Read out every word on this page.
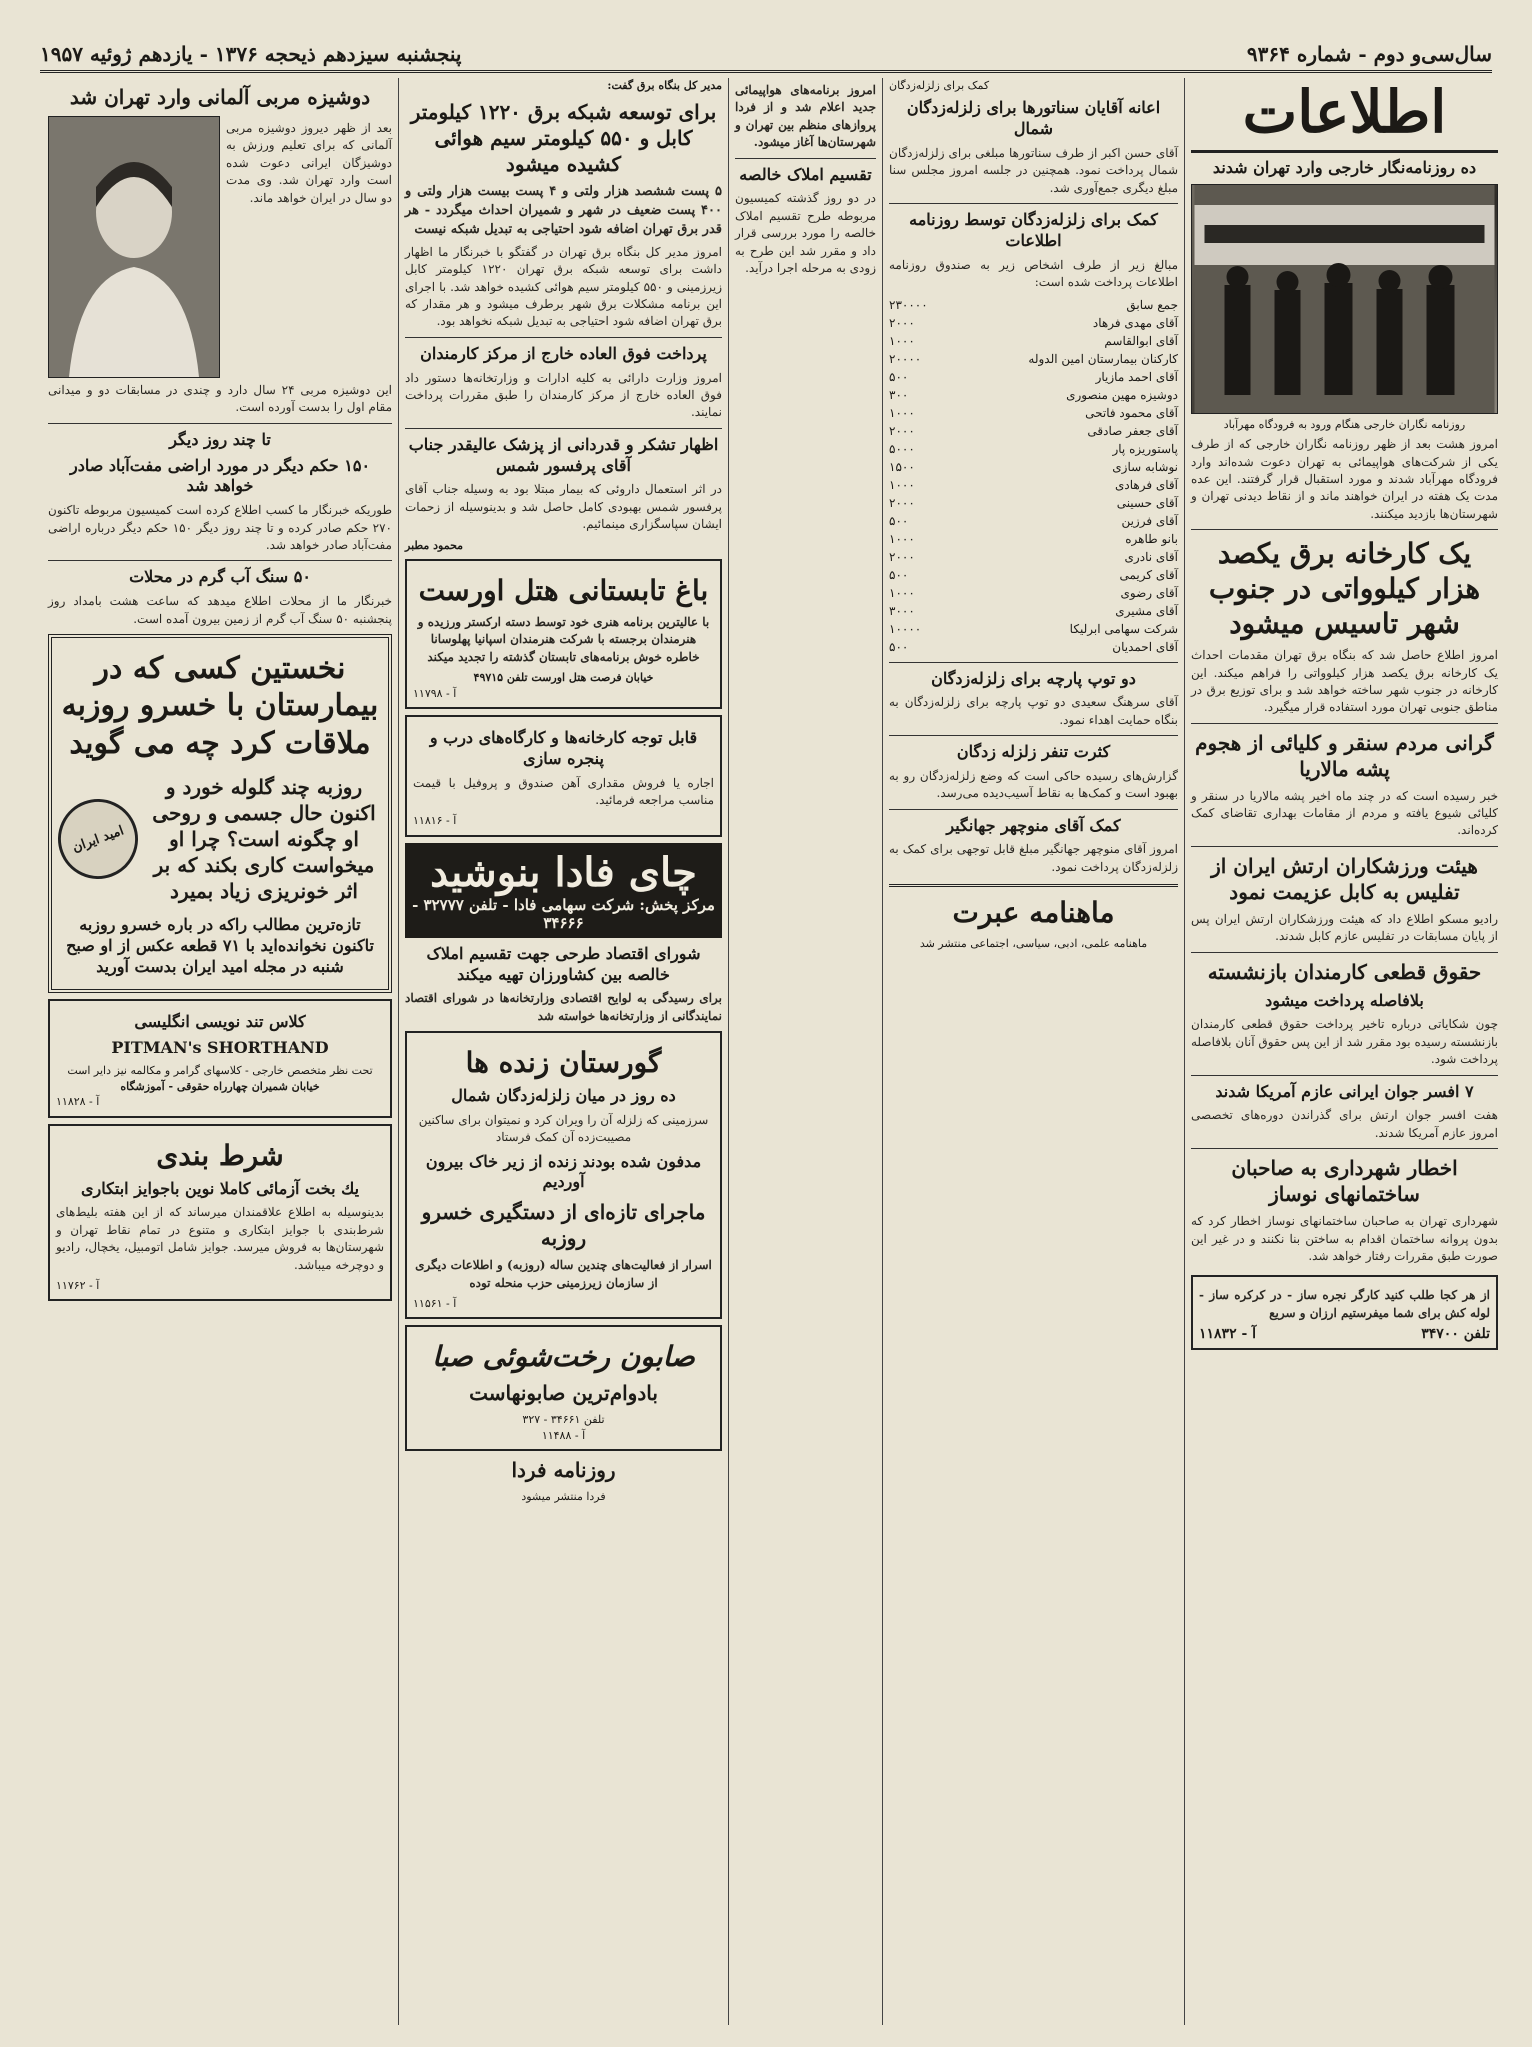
سال‌سی‌و دوم - شماره ۹۳۶۴
پنجشنبه سیزدهم ذیحجه ۱۳۷۶ - یازدهم ژوئیه ۱۹۵۷
اطلاعات
ده روزنامه‌نگار خارجی وارد تهران شدند
روزنامه نگاران خارجی هنگام ورود به فرودگاه مهرآباد
امروز هشت بعد از ظهر روزنامه نگاران خارجی که از طرف یکی از شرکت‌های هواپیمائی به تهران دعوت شده‌اند وارد فرودگاه مهرآباد شدند و مورد استقبال قرار گرفتند. این عده مدت یک هفته در ایران خواهند ماند و از نقاط دیدنی تهران و شهرستان‌ها بازدید میکنند.
یک کارخانه برق یکصد هزار کیلوواتی در جنوب شهر تاسیس میشود
امروز اطلاع حاصل شد که بنگاه برق تهران مقدمات احداث یک کارخانه برق یکصد هزار کیلوواتی را فراهم میکند. این کارخانه در جنوب شهر ساخته خواهد شد و برای توزیع برق در مناطق جنوبی تهران مورد استفاده قرار میگیرد.
گرانی مردم سنقر و کلیائی از هجوم پشه مالاریا
خبر رسیده است که در چند ماه اخیر پشه مالاریا در سنقر و کلیائی شیوع یافته و مردم از مقامات بهداری تقاضای کمک کرده‌اند.
هیئت ورزشکاران ارتش ایران از تفلیس به کابل عزیمت نمود
رادیو مسکو اطلاع داد که هیئت ورزشکاران ارتش ایران پس از پایان مسابقات در تفلیس عازم کابل شدند.
حقوق قطعی کارمندان بازنشسته
بلافاصله پرداخت میشود
چون شکایاتی درباره تاخیر پرداخت حقوق قطعی کارمندان بازنشسته رسیده بود مقرر شد از این پس حقوق آنان بلافاصله پرداخت شود.
۷ افسر جوان ایرانی عازم آمریکا شدند
هفت افسر جوان ارتش برای گذراندن دوره‌های تخصصی امروز عازم آمریکا شدند.
اخطار شهرداری به صاحبان ساختمانهای نوساز
شهرداری تهران به صاحبان ساختمانهای نوساز اخطار کرد که بدون پروانه ساختمان اقدام به ساختن بنا نکنند و در غیر این صورت طبق مقررات رفتار خواهد شد.
از هر کجا طلب کنید کارگر نجره ساز - در کرکره ساز - لوله کش برای شما میفرستیم ارزان و سریع
تلفن ۳۴۷۰۰
آ - ۱۱۸۳۲
کمک برای زلزله‌زدگان
اعانه آقایان سناتورها برای زلزله‌زدگان شمال
آقای حسن اکبر از طرف سناتورها مبلغی برای زلزله‌زدگان شمال پرداخت نمود. همچنین در جلسه امروز مجلس سنا مبلغ دیگری جمع‌آوری شد.
کمک برای زلزله‌زدگان توسط روزنامه اطلاعات
مبالغ زیر از طرف اشخاص زیر به صندوق روزنامه اطلاعات پرداخت شده است:
جمع سابق
۲۳۰۰۰۰
آقای مهدی فرهاد
۲۰۰۰
آقای ابوالقاسم
۱۰۰۰
کارکنان بیمارستان امین الدوله
۲۰۰۰۰
آقای احمد مازیار
۵۰۰
دوشیزه مهین منصوری
۳۰۰
آقای محمود فاتحی
۱۰۰۰
آقای جعفر صادقی
۲۰۰۰
پاستوریزه پار
۵۰۰۰
نوشابه سازی
۱۵۰۰
آقای فرهادی
۱۰۰۰
آقای حسینی
۲۰۰۰
آقای فرزین
۵۰۰
بانو طاهره
۱۰۰۰
آقای نادری
۲۰۰۰
آقای کریمی
۵۰۰
آقای رضوی
۱۰۰۰
آقای مشیری
۳۰۰۰
شرکت سهامی ابرلیکا
۱۰۰۰۰
آقای احمدیان
۵۰۰
دو توپ پارچه برای زلزله‌زدگان
آقای سرهنگ سعیدی دو توپ پارچه برای زلزله‌زدگان به بنگاه حمایت اهداء نمود.
کثرت تنفر زلزله زدگان
گزارش‌های رسیده حاکی است که وضع زلزله‌زدگان رو به بهبود است و کمک‌ها به نقاط آسیب‌دیده می‌رسد.
کمک آقای منوچهر جهانگیر
امروز آقای منوچهر جهانگیر مبلغ قابل توجهی برای کمک به زلزله‌زدگان پرداخت نمود.
ماهنامه عبرت
ماهنامه علمی، ادبی، سیاسی، اجتماعی منتشر شد
امروز برنامه‌های هواپیمائی جدید اعلام شد و از فردا پروازهای منظم بین تهران و شهرستان‌ها آغاز میشود.
تقسیم املاک خالصه
در دو روز گذشته کمیسیون مربوطه طرح تقسیم املاک خالصه را مورد بررسی قرار داد و مقرر شد این طرح به زودی به مرحله اجرا درآید.
مدیر کل بنگاه برق گفت:
برای توسعه شبکه برق ۱۲۲۰ کیلومتر کابل و ۵۵۰ کیلومتر سیم هوائی کشیده میشود
۵ پست ششصد هزار ولتی و ۴ پست بیست هزار ولتی و ۴۰۰ پست ضعیف در شهر و شمیران احداث میگردد - هر قدر برق تهران اضافه شود احتیاجی به تبدیل شبکه نیست
امروز مدیر کل بنگاه برق تهران در گفتگو با خبرنگار ما اظهار داشت برای توسعه شبکه برق تهران ۱۲۲۰ کیلومتر کابل زیرزمینی و ۵۵۰ کیلومتر سیم هوائی کشیده خواهد شد. با اجرای این برنامه مشکلات برق شهر برطرف میشود و هر مقدار که برق تهران اضافه شود احتیاجی به تبدیل شبکه نخواهد بود.
پرداخت فوق العاده خارج از مرکز کارمندان
امروز وزارت دارائی به کلیه ادارات و وزارتخانه‌ها دستور داد فوق العاده خارج از مرکز کارمندان را طبق مقررات پرداخت نمایند.
اظهار تشکر و قدردانی از پزشک عالیقدر جناب آقای پرفسور شمس
در اثر استعمال داروئی که بیمار مبتلا بود به وسیله جناب آقای پرفسور شمس بهبودی کامل حاصل شد و بدینوسیله از زحمات ایشان سپاسگزاری مینمائیم.
محمود مطبر
باغ تابستانی هتل اورست
با عالیترین برنامه هنری خود توسط دسته ارکستر ورزیده و هنرمندان برجسته با شرکت هنرمندان اسپانیا پهلوسانا خاطره خوش برنامه‌های تابستان گذشته را تجدید میکند
خیابان فرصت هتل اورست تلفن ۴۹۷۱۵
آ - ۱۱۷۹۸
قابل توجه کارخانه‌ها و کارگاه‌های درب و پنجره سازی
اجاره یا فروش مقداری آهن صندوق و پروفیل با قیمت مناسب مراجعه فرمائید.
آ - ۱۱۸۱۶
چای فادا بنوشید
مرکز پخش: شرکت سهامی فادا - تلفن ۳۲۷۷۷ - ۳۴۶۶۶
شورای اقتصاد طرحی جهت تقسیم املاک خالصه بین کشاورزان تهیه میکند
برای رسیدگی به لوایح اقتصادی وزارتخانه‌ها در شورای اقتصاد نمایندگانی از وزارتخانه‌ها خواسته شد
گورستان زنده ها
ده روز در میان زلزله‌زدگان شمال
سرزمینی که زلزله آن را ویران کرد و نمیتوان برای ساکنین مصیبت‌زده آن کمک فرستاد
مدفون شده بودند زنده از زیر خاک بیرون آوردیم
ماجرای تازه‌ای از دستگیری خسرو روزبه
اسرار از فعالیت‌های چندین ساله (روزبه) و اطلاعات دیگری از سازمان زیرزمینی حزب منحله توده
آ - ۱۱۵۶۱
صابون رخت‌شوئی صبا
بادوام‌ترین صابونهاست
تلفن ۳۴۶۶۱ - ۳۲۷
آ - ۱۱۴۸۸
روزنامه فردا
فردا منتشر میشود
دوشیزه مربی آلمانی وارد تهران شد
بعد از ظهر دیروز دوشیزه مربی آلمانی که برای تعلیم ورزش به دوشیزگان ایرانی دعوت شده است وارد تهران شد. وی مدت دو سال در ایران خواهد ماند.
این دوشیزه مربی ۲۴ سال دارد و چندی در مسابقات دو و میدانی مقام اول را بدست آورده است.
تا چند روز دیگر
۱۵۰ حکم دیگر در مورد اراضی مفت‌آباد صادر خواهد شد
طوریکه خبرنگار ما کسب اطلاع کرده است کمیسیون مربوطه تاکنون ۲۷۰ حکم صادر کرده و تا چند روز دیگر ۱۵۰ حکم دیگر درباره اراضی مفت‌آباد صادر خواهد شد.
۵۰ سنگ آب گرم در محلات
خبرنگار ما از محلات اطلاع میدهد که ساعت هشت بامداد روز پنجشنبه ۵۰ سنگ آب گرم از زمین بیرون آمده است.
نخستین کسی که در بیمارستان با خسرو روزبه ملاقات کرد چه می گوید
روزبه چند گلوله خورد و اکنون حال جسمی و روحی او چگونه است؟ چرا او میخواست کاری بکند که بر اثر خونریزی زیاد بمیرد
امید ایران
تازه‌ترین مطالب راکه در باره خسرو روزبه تاکنون نخوانده‌اید با ۷۱ قطعه عکس از او صبح شنبه در مجله امید ایران بدست آورید
کلاس تند نویسی انگلیسی
PITMAN's SHORTHAND
تحت نظر متخصص خارجی - کلاسهای گرامر و مکالمه نیز دایر است
خیابان شمیران چهارراه حقوقی - آموزشگاه
آ - ۱۱۸۲۸
شرط بندی
یك بخت آزمائی کاملا نوین باجوایز ابتکاری
بدینوسیله به اطلاع علاقمندان میرساند که از این هفته بلیط‌های شرط‌بندی با جوایز ابتکاری و متنوع در تمام نقاط تهران و شهرستان‌ها به فروش میرسد. جوایز شامل اتومبیل، یخچال، رادیو و دوچرخه میباشد.
آ - ۱۱۷۶۲
